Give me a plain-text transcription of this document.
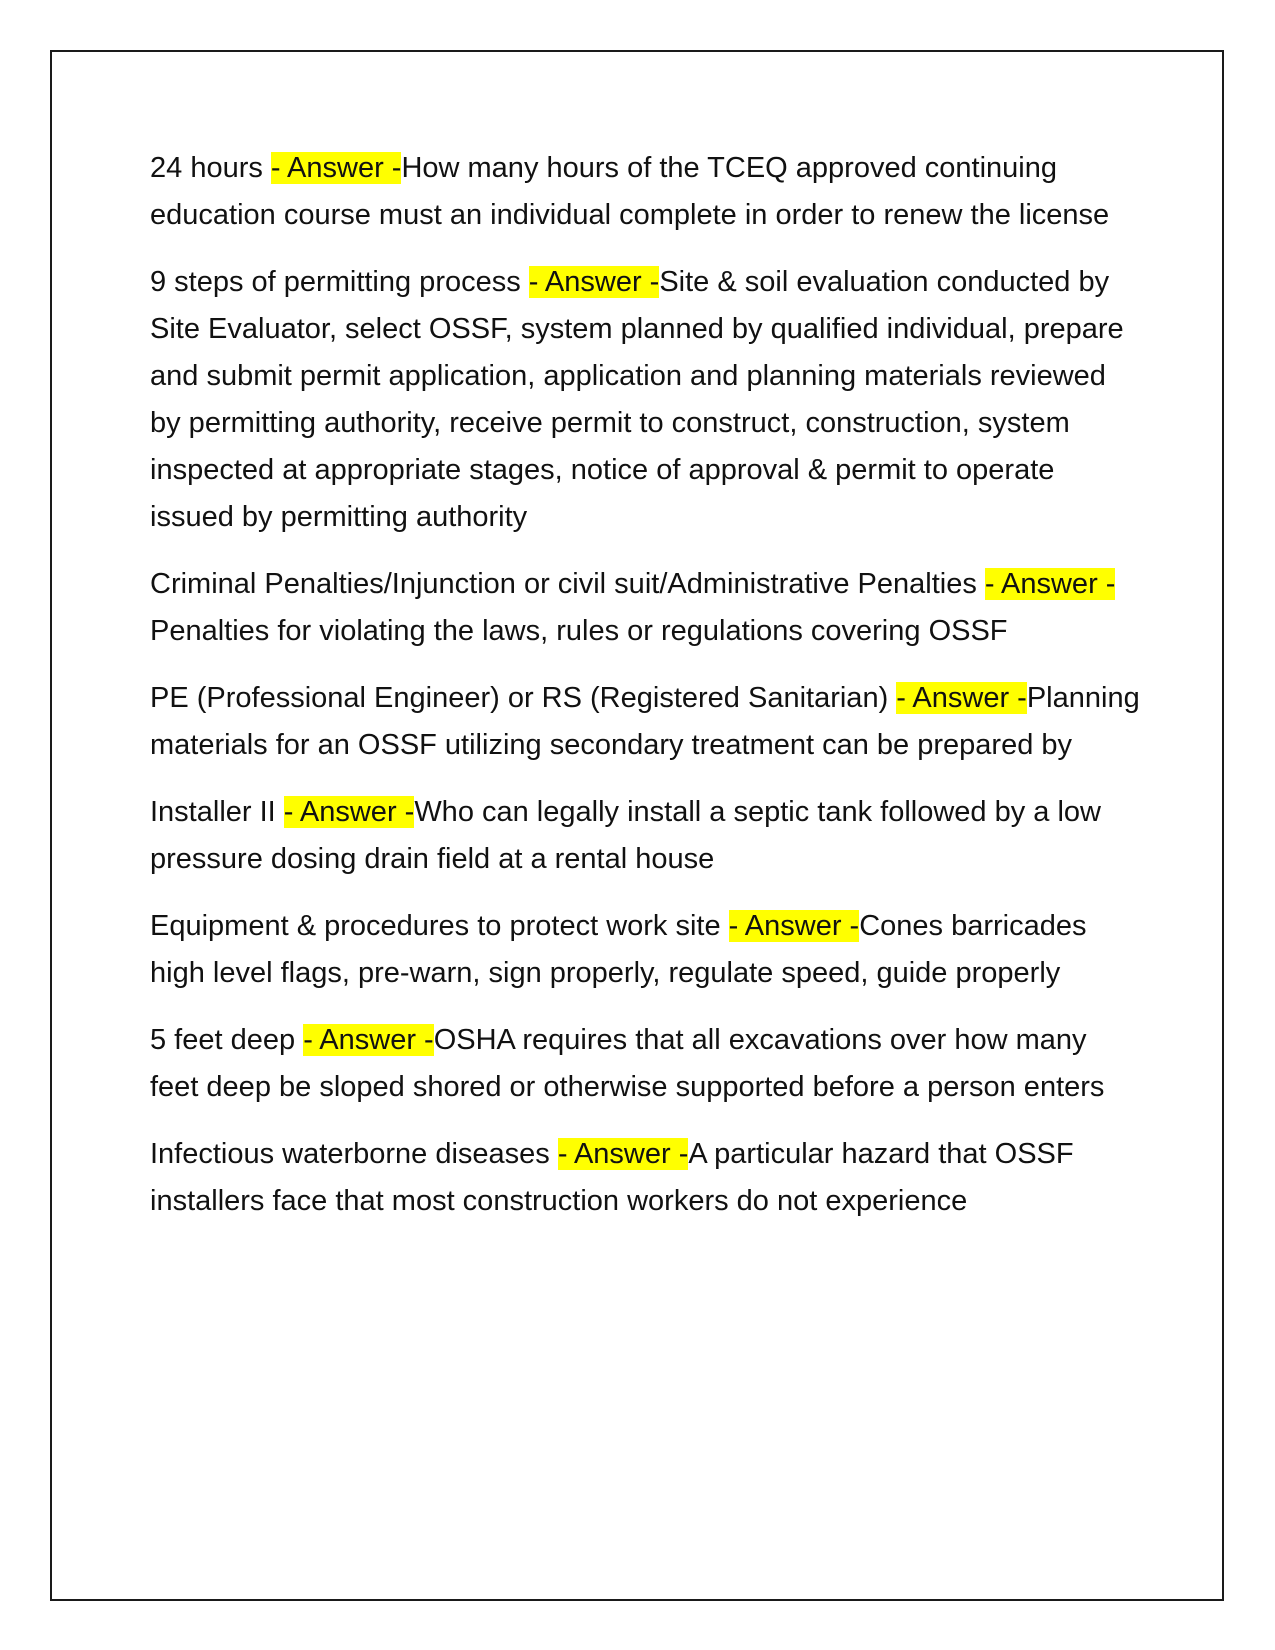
24 hours - Answer -How many hours of the TCEQ approved continuing education course must an individual complete in order to renew the license

9 steps of permitting process - Answer -Site & soil evaluation conducted by Site Evaluator, select OSSF, system planned by qualified individual, prepare and submit permit application, application and planning materials reviewed by permitting authority, receive permit to construct, construction, system inspected at appropriate stages, notice of approval & permit to operate issued by permitting authority

Criminal Penalties/Injunction or civil suit/Administrative Penalties - Answer -Penalties for violating the laws, rules or regulations covering OSSF

PE (Professional Engineer) or RS (Registered Sanitarian) - Answer -Planning materials for an OSSF utilizing secondary treatment can be prepared by

Installer II - Answer -Who can legally install a septic tank followed by a low pressure dosing drain field at a rental house

Equipment & procedures to protect work site - Answer -Cones barricades high level flags, pre-warn, sign properly, regulate speed, guide properly

5 feet deep - Answer -OSHA requires that all excavations over how many feet deep be sloped shored or otherwise supported before a person enters

Infectious waterborne diseases - Answer -A particular hazard that OSSF installers face that most construction workers do not experience
